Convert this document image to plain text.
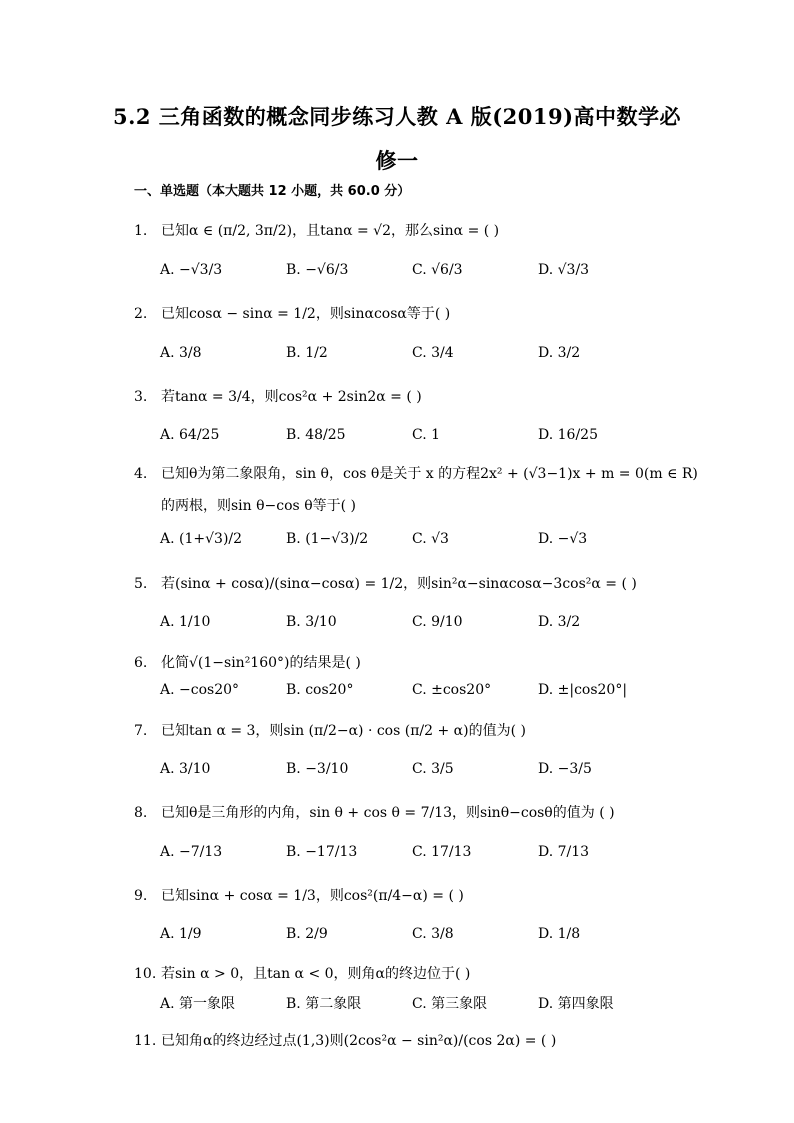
5.2 三角函数的概念同步练习人教 A 版(2019)高中数学必
修一
一、单选题（本大题共 12 小题，共 60.0 分）
1. 已知α ∈ (π/2, 3π/2)，且tanα = √2，那么sinα = ( )
A. −√3/3	B. −√6/3	C. √6/3	D. √3/3
2. 已知cosα − sinα = 1/2，则sinαcosα等于( )
A. 3/8	B. 1/2	C. 3/4	D. 3/2
3. 若tanα = 3/4，则cos²α + 2sin2α = ( )
A. 64/25	B. 48/25	C. 1	D. 16/25
4. 已知θ为第二象限角，sin θ，cos θ是关于 x 的方程2x² + (√3−1)x + m = 0(m ∈ R)
的两根，则sin θ−cos θ等于( )
A. (1+√3)/2	B. (1−√3)/2	C. √3	D. −√3
5. 若(sinα + cosα)/(sinα−cosα) = 1/2，则sin²α−sinαcosα−3cos²α = ( )
A. 1/10	B. 3/10	C. 9/10	D. 3/2
6. 化简√(1−sin²160°)的结果是( )
A. −cos20°	B. cos20°	C. ±cos20°	D. ±|cos20°|
7. 已知tan α = 3，则sin (π/2−α) · cos (π/2 + α)的值为( )
A. 3/10	B. −3/10	C. 3/5	D. −3/5
8. 已知θ是三角形的内角，sin θ + cos θ = 7/13，则sinθ−cosθ的值为 ( )
A. −7/13	B. −17/13	C. 17/13	D. 7/13
9. 已知sinα + cosα = 1/3，则cos²(π/4−α) = ( )
A. 1/9	B. 2/9	C. 3/8	D. 1/8
10. 若sin α > 0，且tan α < 0，则角α的终边位于( )
A. 第一象限	B. 第二象限	C. 第三象限	D. 第四象限
11. 已知角α的终边经过点(1,3)则(2cos²α − sin²α)/(cos 2α) = ( )
